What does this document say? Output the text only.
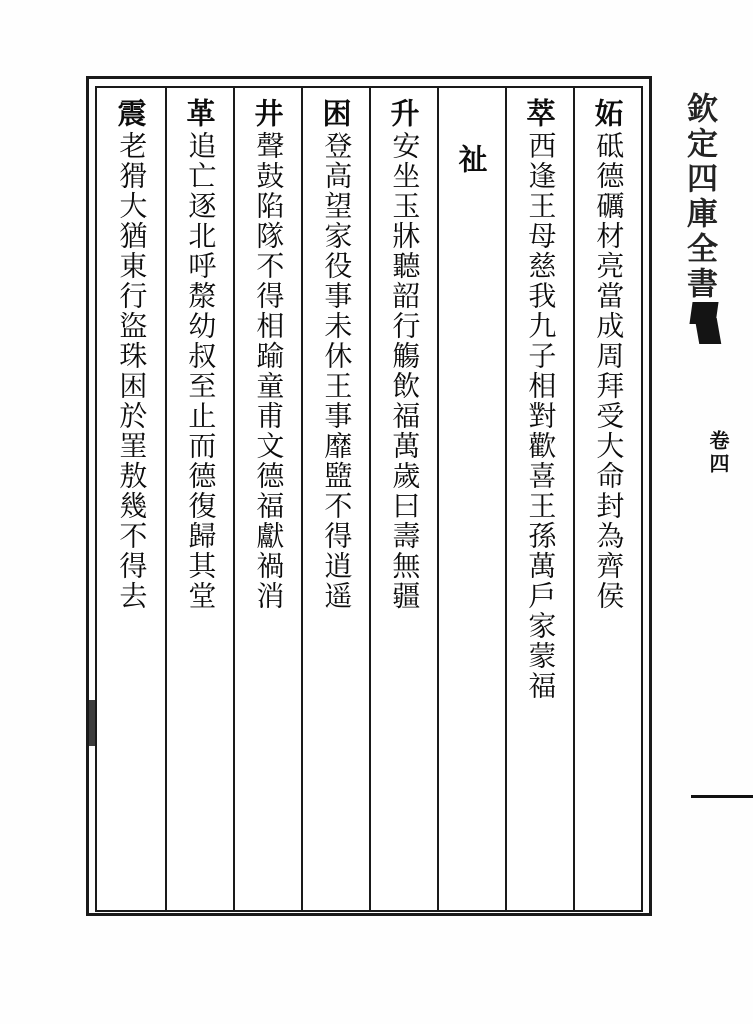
妬
砥德礪材亮當成周拜受大命封為齊侯
萃
西逢王母慈我九子相對歡喜王孫萬戶家蒙福
祉
升
安坐玉牀聽韶行觴飲福萬歲曰壽無疆
困
登高望家役事未休王事靡盬不得逍遥
井
聲鼓陷隊不得相踰童甫文德福獻禍消
革
追亡逐北呼漦幼叔至止而德復歸其堂
震
老猾大猶東行盜珠困於罣敖幾不得去	欽定四庫全書
卷四
